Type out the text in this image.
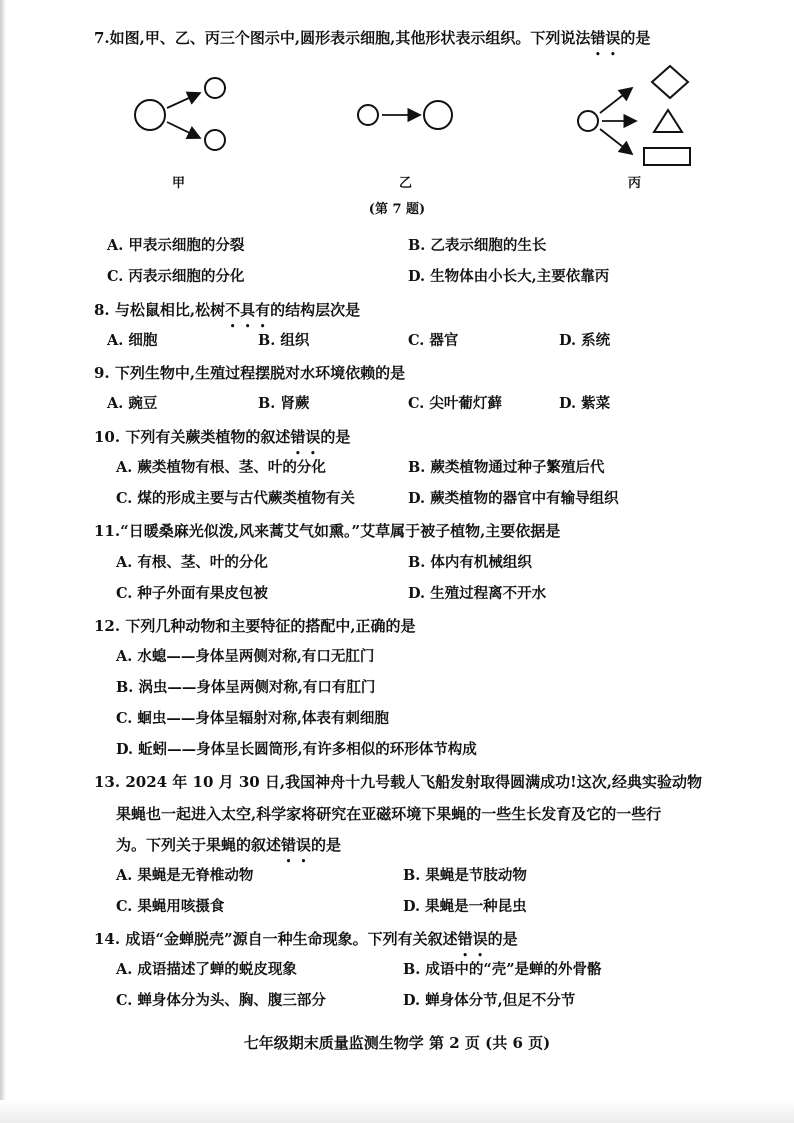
7.如图,甲、乙、丙三个图示中,圆形表示细胞,其他形状表示组织。下列说法错误的是
甲	乙	丙
(第 7 题)
A. 甲表示细胞的分裂	B. 乙表示细胞的生长
C. 丙表示细胞的分化	D. 生物体由小长大,主要依靠丙
8. 与松鼠相比,松树不具有的结构层次是
A. 细胞	B. 组织	C. 器官	D. 系统
9. 下列生物中,生殖过程摆脱对水环境依赖的是
A. 豌豆	B. 肾蕨	C. 尖叶葡灯藓	D. 紫菜
10. 下列有关蕨类植物的叙述错误的是
A. 蕨类植物有根、茎、叶的分化	B. 蕨类植物通过种子繁殖后代
C. 煤的形成主要与古代蕨类植物有关	D. 蕨类植物的器官中有输导组织
11.“日暖桑麻光似泼,风来蒿艾气如熏。”艾草属于被子植物,主要依据是
A. 有根、茎、叶的分化	B. 体内有机械组织
C. 种子外面有果皮包被	D. 生殖过程离不开水
12. 下列几种动物和主要特征的搭配中,正确的是
A. 水螅——身体呈两侧对称,有口无肛门
B. 涡虫——身体呈两侧对称,有口有肛门
C. 蛔虫——身体呈辐射对称,体表有刺细胞
D. 蚯蚓——身体呈长圆筒形,有许多相似的环形体节构成
13. 2024 年 10 月 30 日,我国神舟十九号载人飞船发射取得圆满成功!这次,经典实验动物
果蝇也一起进入太空,科学家将研究在亚磁环境下果蝇的一些生长发育及它的一些行
为。下列关于果蝇的叙述错误的是
A. 果蝇是无脊椎动物	B. 果蝇是节肢动物
C. 果蝇用咳摄食	D. 果蝇是一种昆虫
14. 成语“金蝉脱壳”源自一种生命现象。下列有关叙述错误的是
A. 成语描述了蝉的蜕皮现象	B. 成语中的“壳”是蝉的外骨骼
C. 蝉身体分为头、胸、腹三部分	D. 蝉身体分节,但足不分节
七年级期末质量监测生物学 第 2 页 (共 6 页)
